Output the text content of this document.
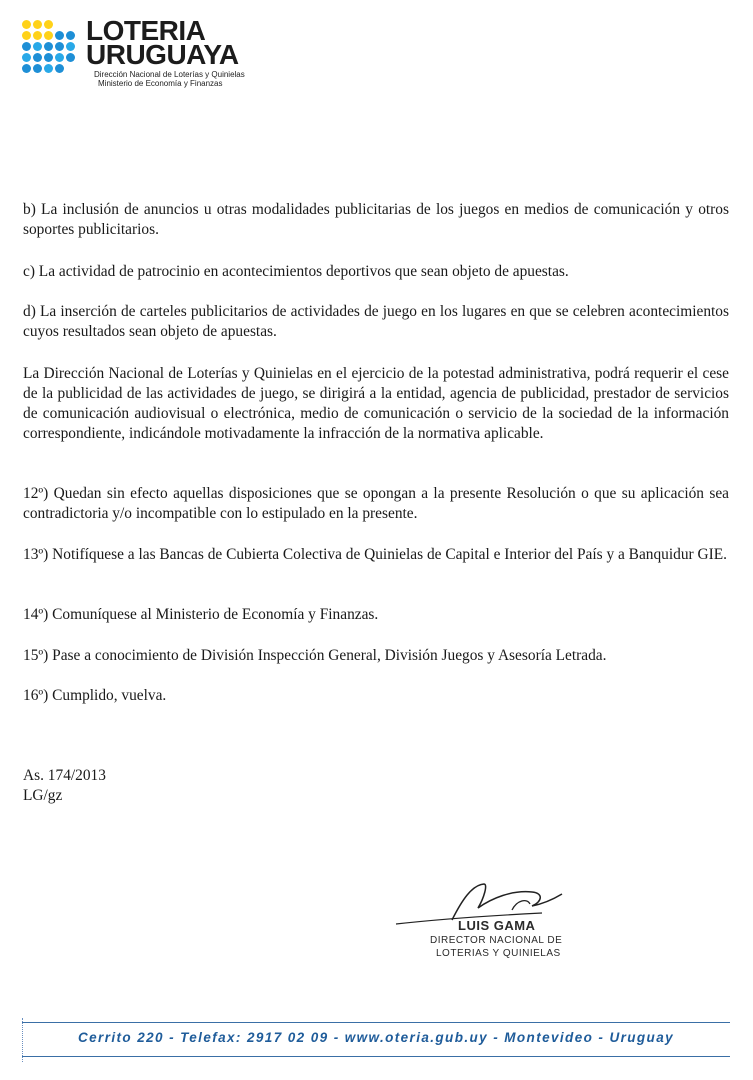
LOTERIA
URUGUAYA
Dirección Nacional de Loterías y Quinielas
Ministerio de Economía y Finanzas

b) La inclusión de anuncios u otras modalidades publicitarias de los juegos en medios de comunicación y otros soportes publicitarios.

c) La actividad de patrocinio en acontecimientos deportivos que sean objeto de apuestas.

d) La inserción de carteles publicitarios de actividades de juego en los lugares en que se celebren acontecimientos cuyos resultados sean objeto de apuestas.

La Dirección Nacional de Loterías y Quinielas en el ejercicio de la potestad administrativa, podrá requerir el cese de la publicidad de las actividades de juego, se dirigirá a la entidad, agencia de publicidad, prestador de servicios de comunicación audiovisual o electrónica, medio de comunicación o servicio de la sociedad de la información correspondiente, indicándole motivadamente la infracción de la normativa aplicable.

12º) Quedan sin efecto aquellas disposiciones que se opongan a la presente Resolución o que su aplicación sea contradictoria y/o incompatible con lo estipulado en la presente.

13º) Notifíquese a las Bancas de Cubierta Colectiva de Quinielas de Capital e Interior del País y a Banquidur GIE.

14º) Comuníquese al Ministerio de Economía y Finanzas.

15º) Pase a conocimiento de División Inspección General, División Juegos y Asesoría Letrada.

16º) Cumplido, vuelva.

As. 174/2013
LG/gz
LUIS GAMA
DIRECTOR NACIONAL DE
LOTERIAS Y QUINIELAS
Cerrito 220 - Telefax: 2917 02 09 - www.oteria.gub.uy - Montevideo - Uruguay
